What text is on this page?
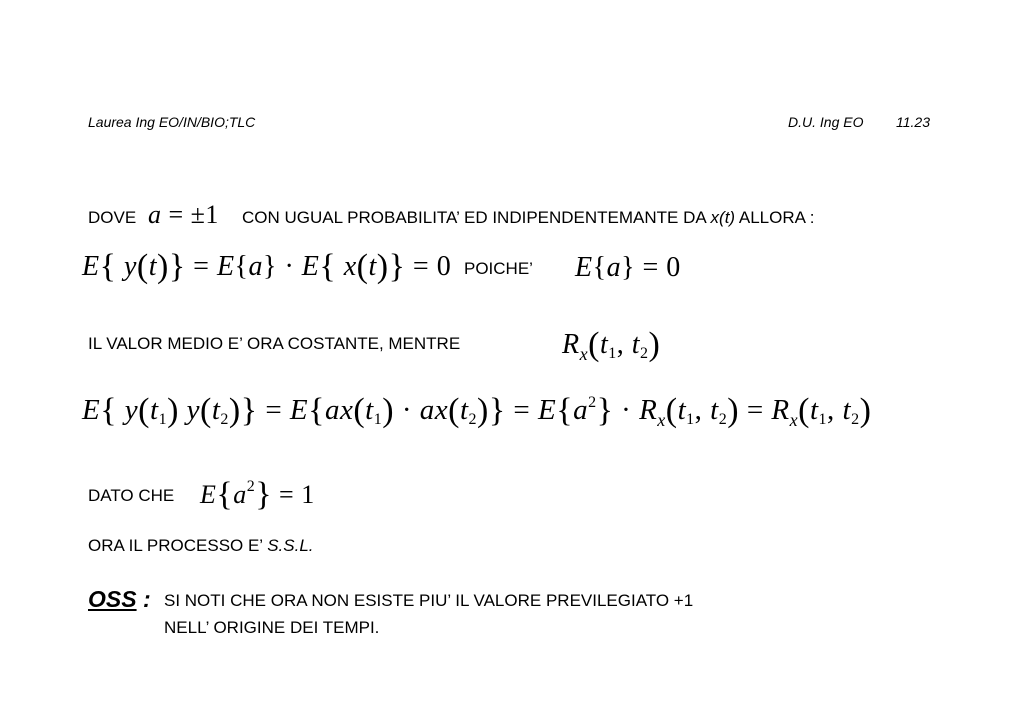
Laurea Ing EO/IN/BIO;TLC	D.U. Ing EO 11.23
DOVE a = ±1 CON UGUAL PROBABILITA’ ED INDIPENDENTEMANTE DA x(t) ALLORA :
E{ y(t)} = E{a} · E{ x(t)} = 0 POICHE’ E{a} = 0
IL VALOR MEDIO E’ ORA COSTANTE, MENTRE	$R_x(t_1$, $t_2$)
E{ $y(t_1) y(t_2)\} = E\{ax(t_1) \cdot ax(t_2)\} = E\{a^2\} \cdot R_x(t_1$, $t_2) = R_x(t_1$, $t_2$)
DATO CHE $E\{a^2\} = 1$
ORA IL PROCESSO E’ S.S.L.
OSS : SI NOTI CHE ORA NON ESISTE PIU’ IL VALORE PREVILEGIATO +1
NELL’ ORIGINE DEI TEMPI.
